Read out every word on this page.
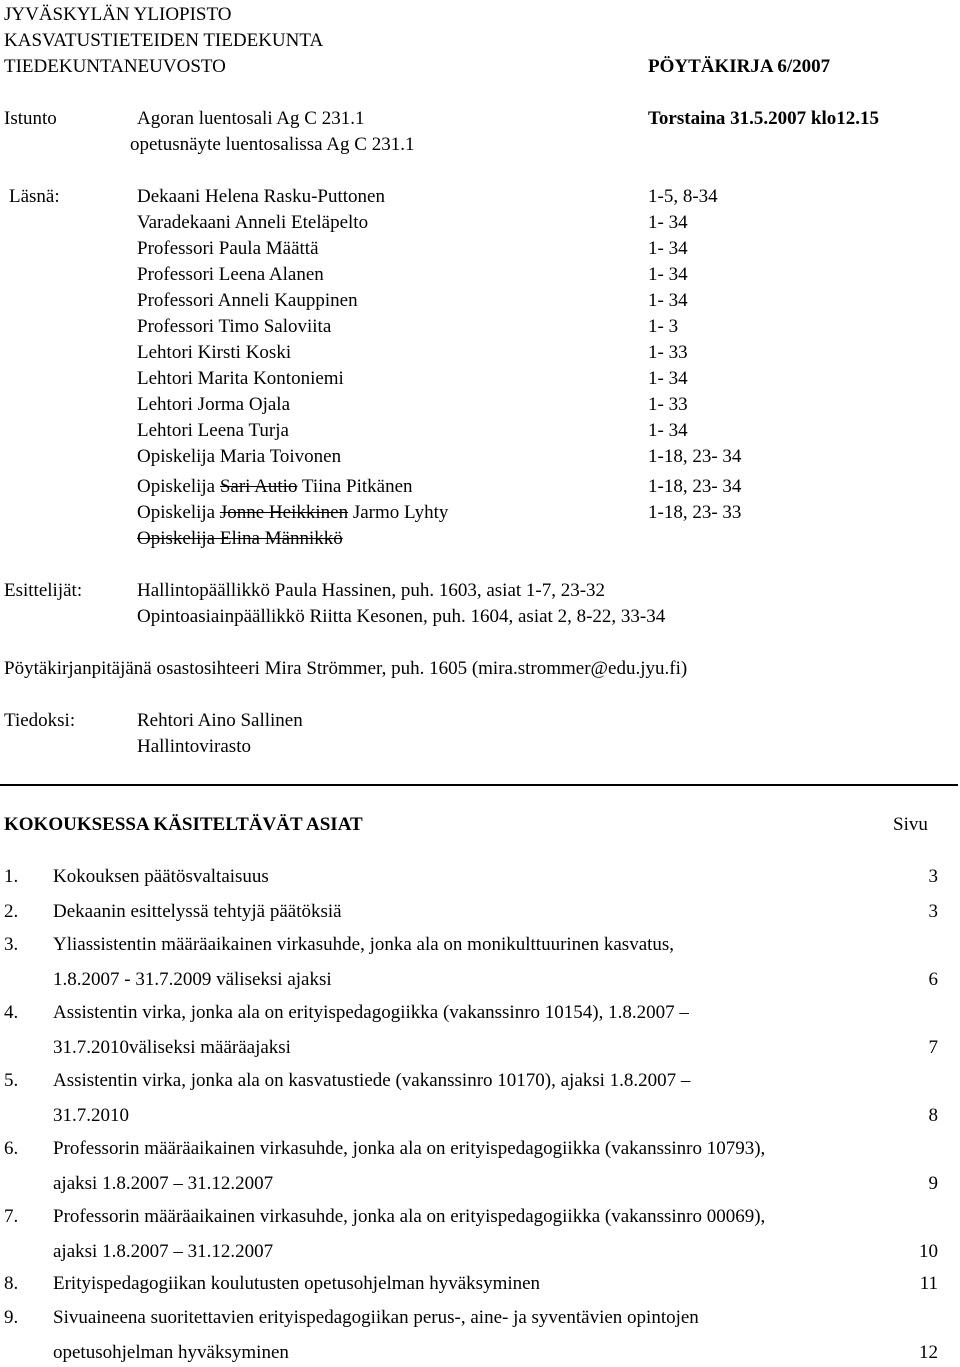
JYVÄSKYLÄN YLIOPISTO
KASVATUSTIETEIDEN TIEDEKUNTA
TIEDEKUNTANEUVOSTO	PÖYTÄKIRJA 6/2007
Istunto	Agoran luentosali Ag C 231.1	Torstaina 31.5.2007 klo12.15
opetusnäyte luentosalissa Ag C 231.1
Läsnä:	Dekaani Helena Rasku-Puttonen	1-5, 8-34
Varadekaani Anneli Eteläpelto	1- 34
Professori Paula Määttä	1- 34
Professori Leena Alanen	1- 34
Professori Anneli Kauppinen	1- 34
Professori Timo Saloviita	1- 3
Lehtori Kirsti Koski	1- 33
Lehtori Marita Kontoniemi	1- 34
Lehtori Jorma Ojala	1- 33
Lehtori Leena Turja	1- 34
Opiskelija Maria Toivonen	1-18, 23- 34
Opiskelija Sari Autio Tiina Pitkänen	1-18, 23- 34
Opiskelija Jonne Heikkinen Jarmo Lyhty	1-18, 23- 33
Opiskelija Elina Männikkö
Esittelijät:	Hallintopäällikkö Paula Hassinen, puh. 1603, asiat 1-7, 23-32
Opintoasiainpäällikkö Riitta Kesonen, puh. 1604, asiat 2, 8-22, 33-34
Pöytäkirjanpitäjänä osastosihteeri Mira Strömmer, puh. 1605 (mira.strommer@edu.jyu.fi)
Tiedoksi:	Rehtori Aino Sallinen
Hallintovirasto
KOKOUKSESSA KÄSITELTÄVÄT ASIAT	Sivu
1. Kokouksen päätösvaltaisuus	3
2. Dekaanin esittelyssä tehtyjä päätöksiä	3
3. Yliassistentin määräaikainen virkasuhde, jonka ala on monikulttuurinen kasvatus,
1.8.2007 - 31.7.2009 väliseksi ajaksi	6
4. Assistentin virka, jonka ala on erityispedagogiikka (vakanssinro 10154), 1.8.2007 –
31.7.2010väliseksi määräajaksi	7
5. Assistentin virka, jonka ala on kasvatustiede (vakanssinro 10170), ajaksi 1.8.2007 –
31.7.2010	8
6. Professorin määräaikainen virkasuhde, jonka ala on erityispedagogiikka (vakanssinro 10793),
ajaksi 1.8.2007 – 31.12.2007	9
7. Professorin määräaikainen virkasuhde, jonka ala on erityispedagogiikka (vakanssinro 00069),
ajaksi 1.8.2007 – 31.12.2007	10
8. Erityispedagogiikan koulutusten opetusohjelman hyväksyminen	11
9. Sivuaineena suoritettavien erityispedagogiikan perus-, aine- ja syventävien opintojen
opetusohjelman hyväksyminen	12
